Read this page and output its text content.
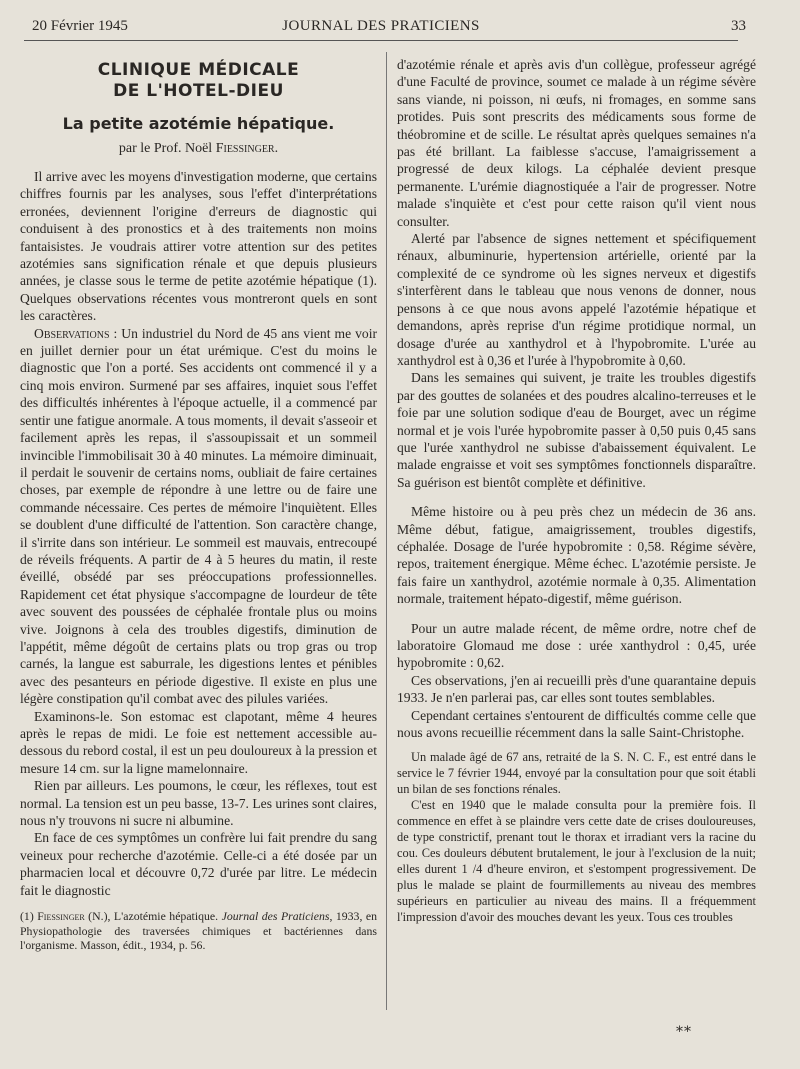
20 Février 1945	JOURNAL DES PRATICIENS	33
CLINIQUE MÉDICALE
DE L'HOTEL-DIEU
La petite azotémie hépatique.
par le Prof. Noël Fiessinger.

Il arrive avec les moyens d'investigation moderne, que certains chiffres fournis par les analyses, sous l'effet d'interprétations erronées, deviennent l'origine d'erreurs de diagnostic qui conduisent à des pronostics et à des traitements non moins fantaisistes. Je voudrais attirer votre attention sur des petites azotémies sans signification rénale et que depuis plusieurs années, je classe sous le terme de petite azotémie hépatique (1). Quelques observations récentes vous montreront quels en sont les caractères.

Observations : Un industriel du Nord de 45 ans vient me voir en juillet dernier pour un état urémique. C'est du moins le diagnostic que l'on a porté. Ses accidents ont commencé il y a cinq mois environ. Surmené par ses affaires, inquiet sous l'effet des difficultés inhérentes à l'époque actuelle, il a commencé par sentir une fatigue anormale. A tous moments, il devait s'asseoir et facilement après les repas, il s'assoupissait et un sommeil invincible l'immobilisait 30 à 40 minutes. La mémoire diminuait, il perdait le souvenir de certains noms, oubliait de faire certaines choses, par exemple de répondre à une lettre ou de faire une commande nécessaire. Ces pertes de mémoire l'inquiètent. Elles se doublent d'une difficulté de l'attention. Son caractère change, il s'irrite dans son intérieur. Le sommeil est mauvais, entrecoupé de réveils fréquents. A partir de 4 à 5 heures du matin, il reste éveillé, obsédé par ses préoccupations professionnelles. Rapidement cet état physique s'accompagne de lourdeur de tête avec souvent des poussées de céphalée frontale plus ou moins vive. Joignons à cela des troubles digestifs, diminution de l'appétit, même dégoût de certains plats ou trop gras ou trop carnés, la langue est saburrale, les digestions lentes et pénibles avec des pesanteurs en période digestive. Il existe en plus une légère constipation qu'il combat avec des pilules variées.

Examinons-le. Son estomac est clapotant, même 4 heures après le repas de midi. Le foie est nettement accessible au-dessous du rebord costal, il est un peu douloureux à la pression et mesure 14 cm. sur la ligne mamelonnaire.

Rien par ailleurs. Les poumons, le cœur, les réflexes, tout est normal. La tension est un peu basse, 13-7. Les urines sont claires, nous n'y trouvons ni sucre ni albumine.

En face de ces symptômes un confrère lui fait prendre du sang veineux pour recherche d'azotémie. Celle-ci a été dosée par un pharmacien local et découvre 0,72 d'urée par litre. Le médecin fait le diagnostic

(1) Fiessinger (N.), L'azotémie hépatique. Journal des Praticiens, 1933, en Physiopathologie des traversées chimiques et bactériennes dans l'organisme. Masson, édit., 1934, p. 56.

d'azotémie rénale et après avis d'un collègue, professeur agrégé d'une Faculté de province, soumet ce malade à un régime sévère sans viande, ni poisson, ni œufs, ni fromages, en somme sans protides. Puis sont prescrits des médicaments sous forme de théobromine et de scille. Le résultat après quelques semaines n'a pas été brillant. La faiblesse s'accuse, l'amaigrissement a progressé de deux kilogs. La céphalée devient presque permanente. L'urémie diagnostiquée a l'air de progresser. Notre malade s'inquiète et c'est pour cette raison qu'il vient nous consulter.

Alerté par l'absence de signes nettement et spécifiquement rénaux, albuminurie, hypertension artérielle, orienté par la complexité de ce syndrome où les signes nerveux et digestifs s'interfèrent dans le tableau que nous venons de donner, nous pensons à ce que nous avons appelé l'azotémie hépatique et demandons, après reprise d'un régime protidique normal, un dosage d'urée au xanthydrol et à l'hypobromite. L'urée au xanthydrol est à 0,36 et l'urée à l'hypobromite à 0,60.

Dans les semaines qui suivent, je traite les troubles digestifs par des gouttes de solanées et des poudres alcalino-terreuses et le foie par une solution sodique d'eau de Bourget, avec un régime normal et je vois l'urée hypobromite passer à 0,50 puis 0,45 sans que l'urée xanthydrol ne subisse d'abaissement équivalent. Le malade engraisse et voit ses symptômes fonctionnels disparaître. Sa guérison est bientôt complète et définitive.

Même histoire ou à peu près chez un médecin de 36 ans. Même début, fatigue, amaigrissement, troubles digestifs, céphalée. Dosage de l'urée hypobromite : 0,58. Régime sévère, repos, traitement énergique. Même échec. L'azotémie persiste. Je fais faire un xanthydrol, azotémie normale à 0,35. Alimentation normale, traitement hépato-digestif, même guérison.

Pour un autre malade récent, de même ordre, notre chef de laboratoire Glomaud me dose : urée xanthydrol : 0,45, urée hypobromite : 0,62.

Ces observations, j'en ai recueilli près d'une quarantaine depuis 1933. Je n'en parlerai pas, car elles sont toutes semblables.

Cependant certaines s'entourent de difficultés comme celle que nous avons recueillie récemment dans la salle Saint-Christophe.

Un malade âgé de 67 ans, retraité de la S. N. C. F., est entré dans le service le 7 février 1944, envoyé par la consultation pour que soit établi un bilan de ses fonctions rénales.

C'est en 1940 que le malade consulta pour la première fois. Il commence en effet à se plaindre vers cette date de crises douloureuses, de type constrictif, prenant tout le thorax et irradiant vers la racine du cou. Ces douleurs débutent brutalement, le jour à l'exclusion de la nuit; elles durent 1 /4 d'heure environ, et s'estompent progressivement. De plus le malade se plaint de fourmillements au niveau des membres supérieurs en particulier au niveau des mains. Il a fréquemment l'impression d'avoir des mouches devant les yeux. Tous ces troubles

**
